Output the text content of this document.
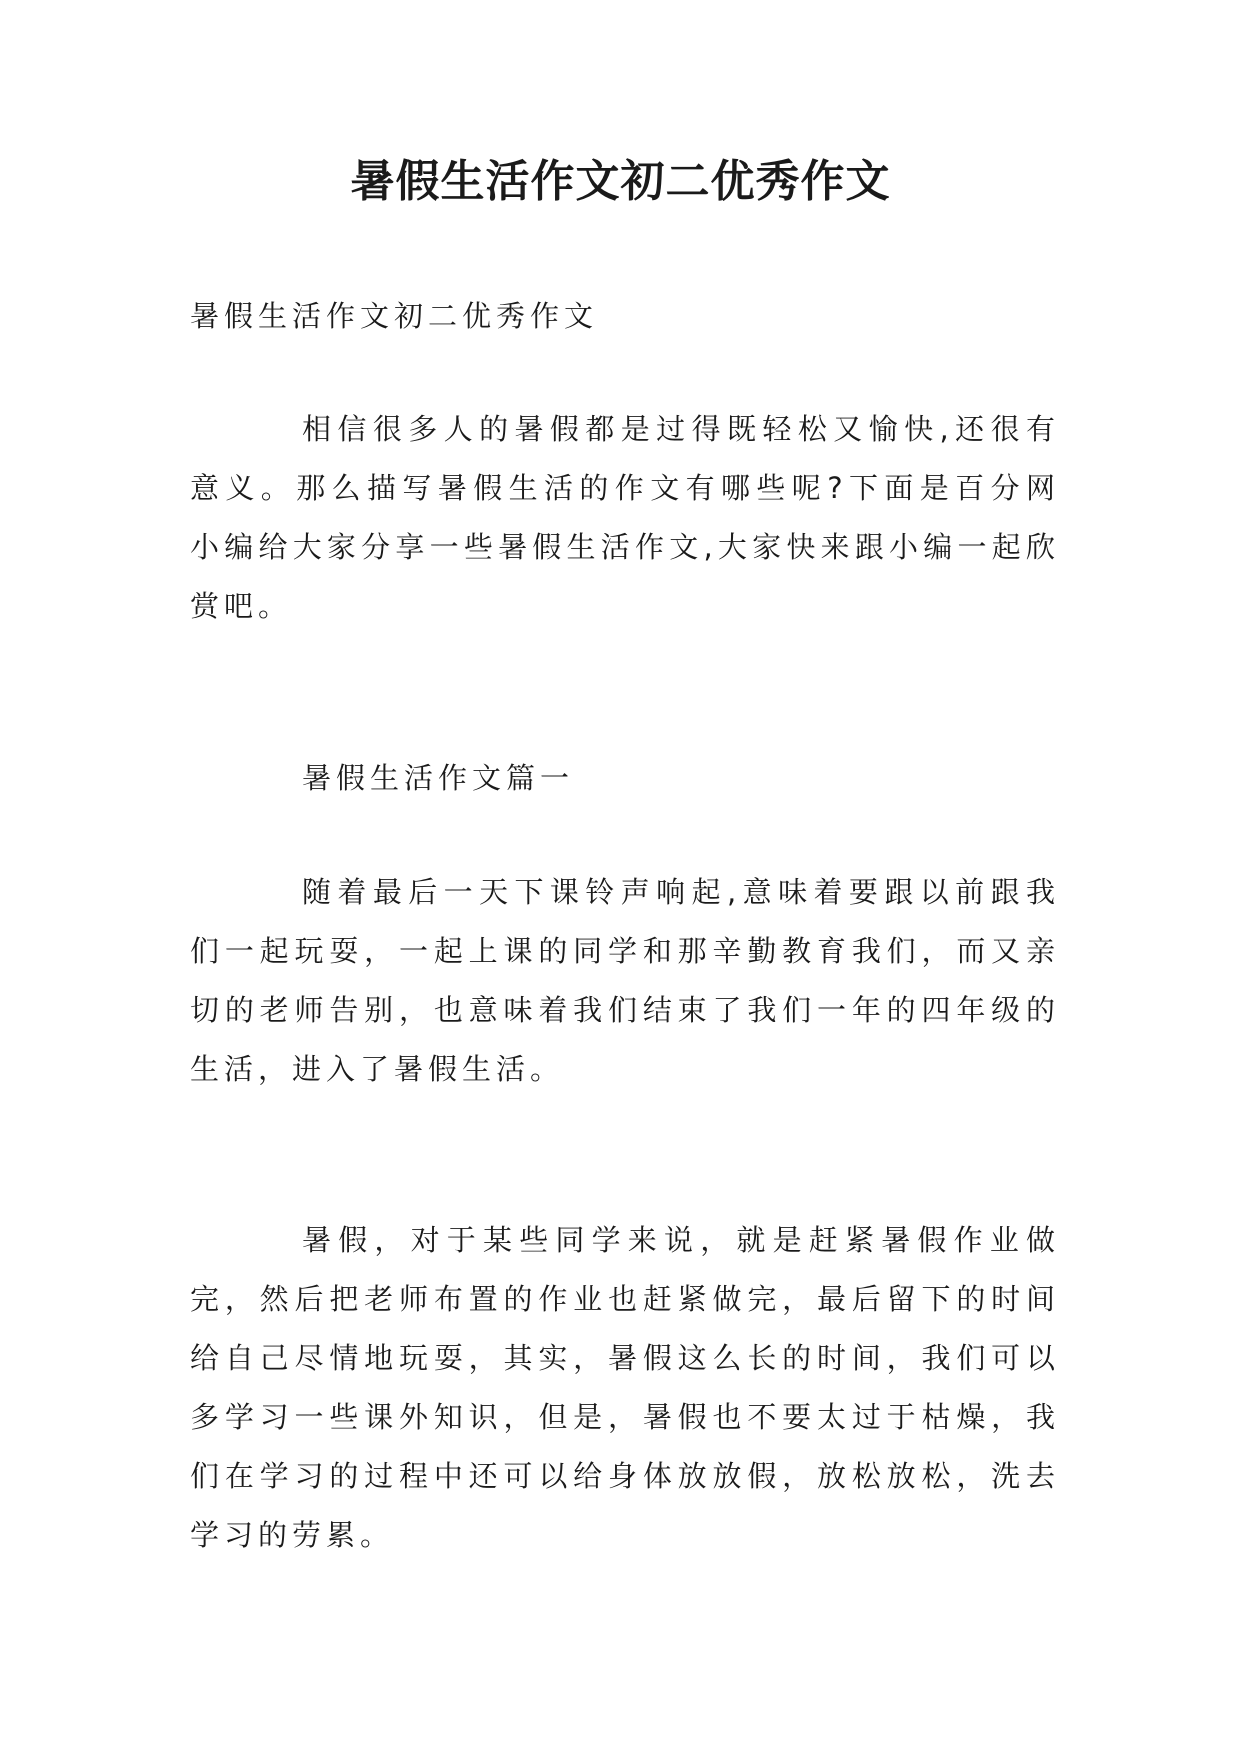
暑假生活作文初二优秀作文

暑假生活作文初二优秀作文

相信很多人的暑假都是过得既轻松又愉快,还很有意义。那么描写暑假生活的作文有哪些呢?下面是百分网小编给大家分享一些暑假生活作文,大家快来跟小编一起欣赏吧。

暑假生活作文篇一

随着最后一天下课铃声响起,意味着要跟以前跟我们一起玩耍，一起上课的同学和那辛勤教育我们，而又亲切的老师告别，也意味着我们结束了我们一年的四年级的生活，进入了暑假生活。

暑假，对于某些同学来说，就是赶紧暑假作业做完，然后把老师布置的作业也赶紧做完，最后留下的时间给自己尽情地玩耍，其实，暑假这么长的时间，我们可以多学习一些课外知识，但是，暑假也不要太过于枯燥，我们在学习的过程中还可以给身体放放假，放松放松，洗去学习的劳累。
